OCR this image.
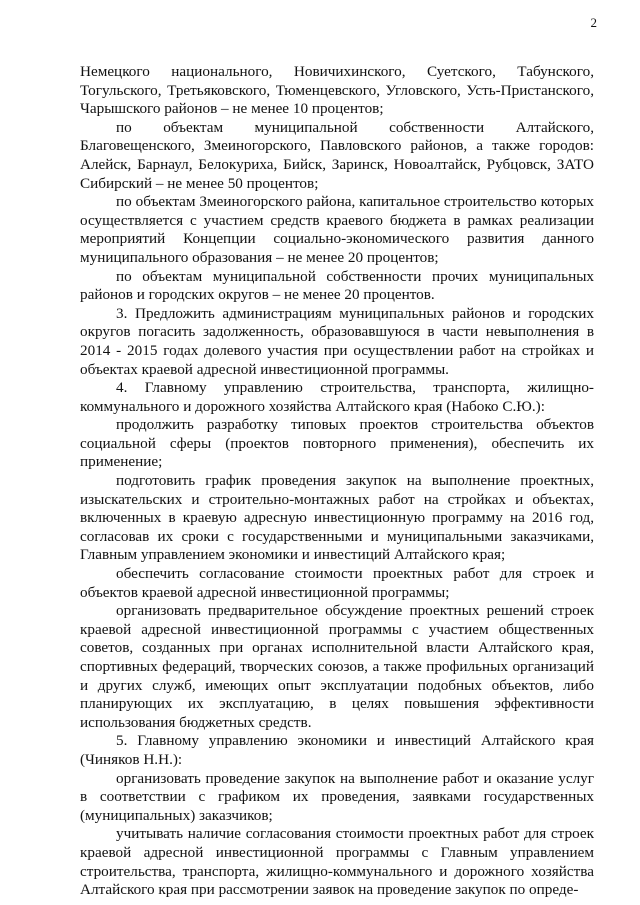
2

Немецкого национального, Новичихинского, Суетского, Табунского, Тогульского, Третьяковского, Тюменцевского, Угловского, Усть-Пристанского, Чарышского районов – не менее 10 процентов;

по объектам муниципальной собственности Алтайского, Благовещенского, Змеиногорского, Павловского районов, а также городов: Алейск, Барнаул, Белокуриха, Бийск, Заринск, Новоалтайск, Рубцовск, ЗАТО Сибирский – не менее 50 процентов;

по объектам Змеиногорского района, капитальное строительство которых осуществляется с участием средств краевого бюджета в рамках реализации мероприятий Концепции социально-экономического развития данного муниципального образования – не менее 20 процентов;

по объектам муниципальной собственности прочих муниципальных районов и городских округов – не менее 20 процентов.

3. Предложить администрациям муниципальных районов и городских округов погасить задолженность, образовавшуюся в части невыполнения в 2014 - 2015 годах долевого участия при осуществлении работ на стройках и объектах краевой адресной инвестиционной программы.

4. Главному управлению строительства, транспорта, жилищно-коммунального и дорожного хозяйства Алтайского края (Набоко С.Ю.):

продолжить разработку типовых проектов строительства объектов социальной сферы (проектов повторного применения), обеспечить их применение;

подготовить график проведения закупок на выполнение проектных, изыскательских и строительно-монтажных работ на стройках и объектах, включенных в краевую адресную инвестиционную программу на 2016 год, согласовав их сроки с государственными и муниципальными заказчиками, Главным управлением экономики и инвестиций Алтайского края;

обеспечить согласование стоимости проектных работ для строек и объектов краевой адресной инвестиционной программы;

организовать предварительное обсуждение проектных решений строек краевой адресной инвестиционной программы с участием общественных советов, созданных при органах исполнительной власти Алтайского края, спортивных федераций, творческих союзов, а также профильных организаций и других служб, имеющих опыт эксплуатации подобных объектов, либо планирующих их эксплуатацию, в целях повышения эффективности использования бюджетных средств.

5. Главному управлению экономики и инвестиций Алтайского края (Чиняков Н.Н.):

организовать проведение закупок на выполнение работ и оказание услуг в соответствии с графиком их проведения, заявками государственных (муниципальных) заказчиков;

учитывать наличие согласования стоимости проектных работ для строек краевой адресной инвестиционной программы с Главным управлением строительства, транспорта, жилищно-коммунального и дорожного хозяйства Алтайского края при рассмотрении заявок на проведение закупок по опреде-
